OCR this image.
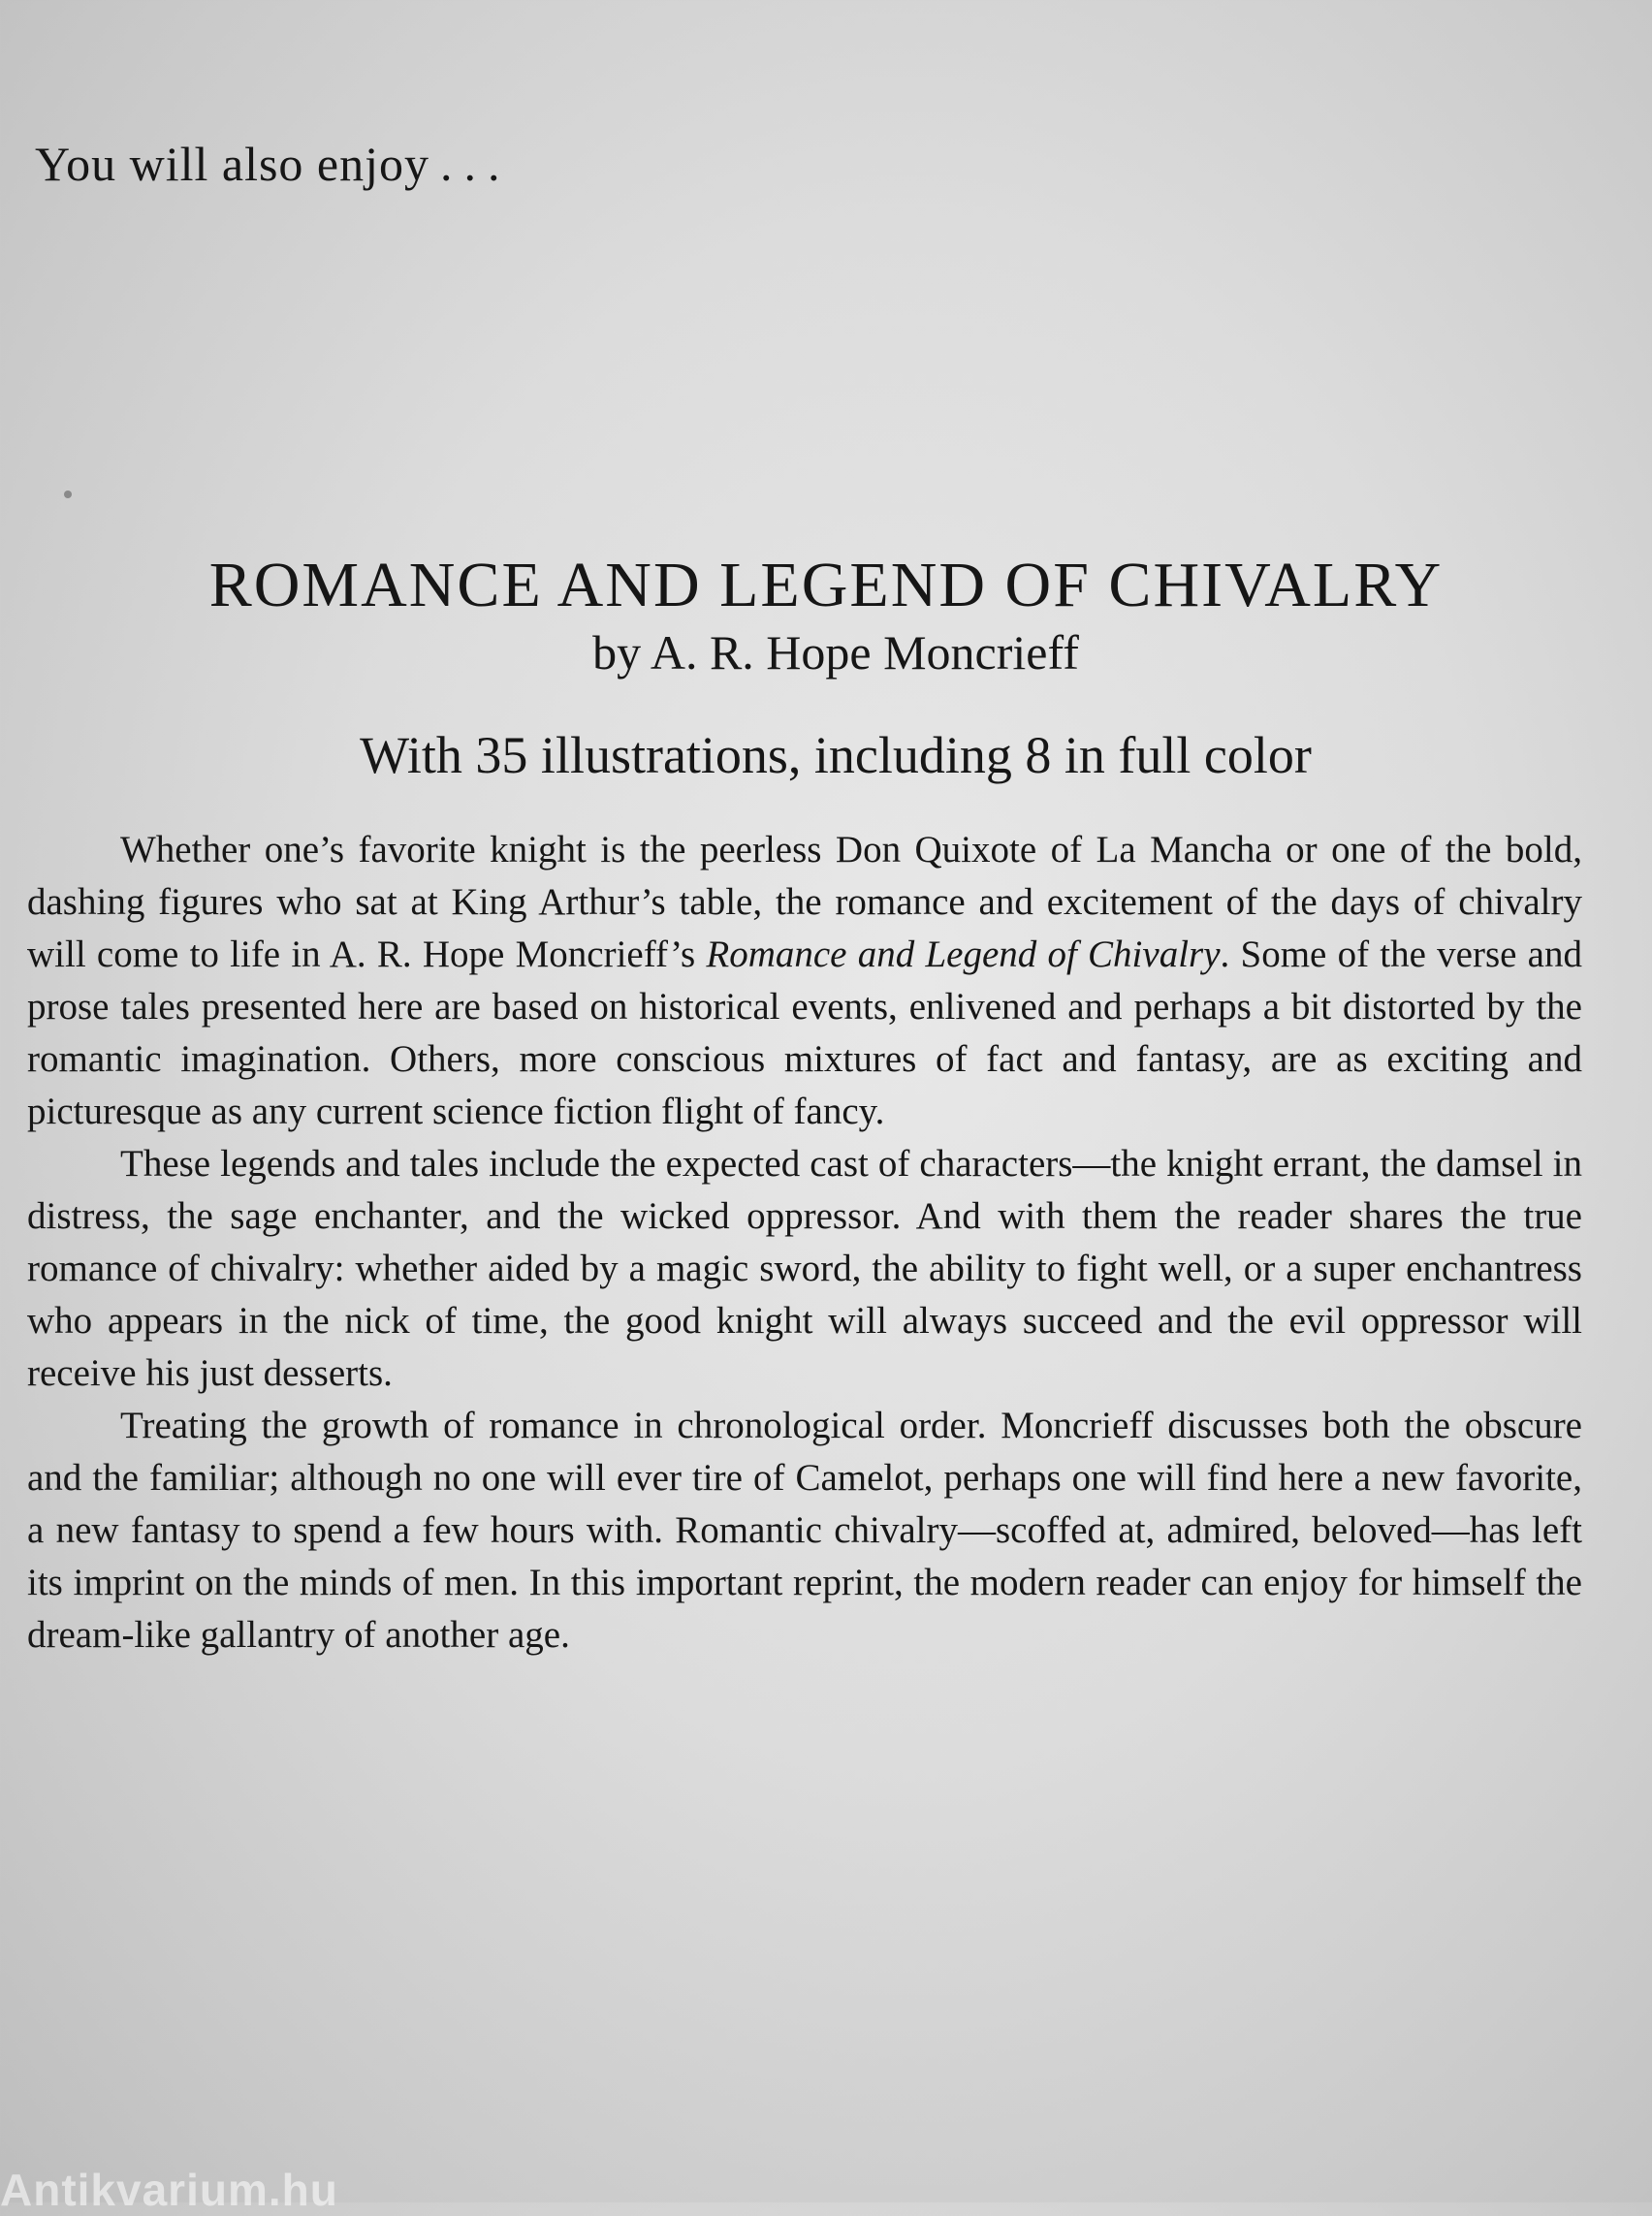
You will also enjoy . . .
ROMANCE AND LEGEND OF CHIVALRY
by A. R. Hope Moncrieff
With 35 illustrations, including 8 in full color

Whether one’s favorite knight is the peerless Don Quixote of La Mancha or one of the bold, dashing figures who sat at King Arthur’s table, the romance and excitement of the days of chivalry will come to life in A. R. Hope Moncrieff’s Romance and Legend of Chivalry. Some of the verse and prose tales presented here are based on historical events, enlivened and perhaps a bit distorted by the romantic imagination. Others, more conscious mixtures of fact and fantasy, are as exciting and picturesque as any current science fiction flight of fancy.

These legends and tales include the expected cast of characters—the knight errant, the damsel in distress, the sage enchanter, and the wicked oppressor. And with them the reader shares the true romance of chivalry: whether aided by a magic sword, the ability to fight well, or a super enchantress who appears in the nick of time, the good knight will always succeed and the evil oppressor will receive his just desserts.

Treating the growth of romance in chronological order. Moncrieff discusses both the obscure and the familiar; although no one will ever tire of Camelot, perhaps one will find here a new favorite, a new fantasy to spend a few hours with. Romantic chivalry—scoffed at, admired, beloved—has left its imprint on the minds of men. In this important reprint, the modern reader can enjoy for himself the dream-like gallantry of another age.

Antikvarium.hu
